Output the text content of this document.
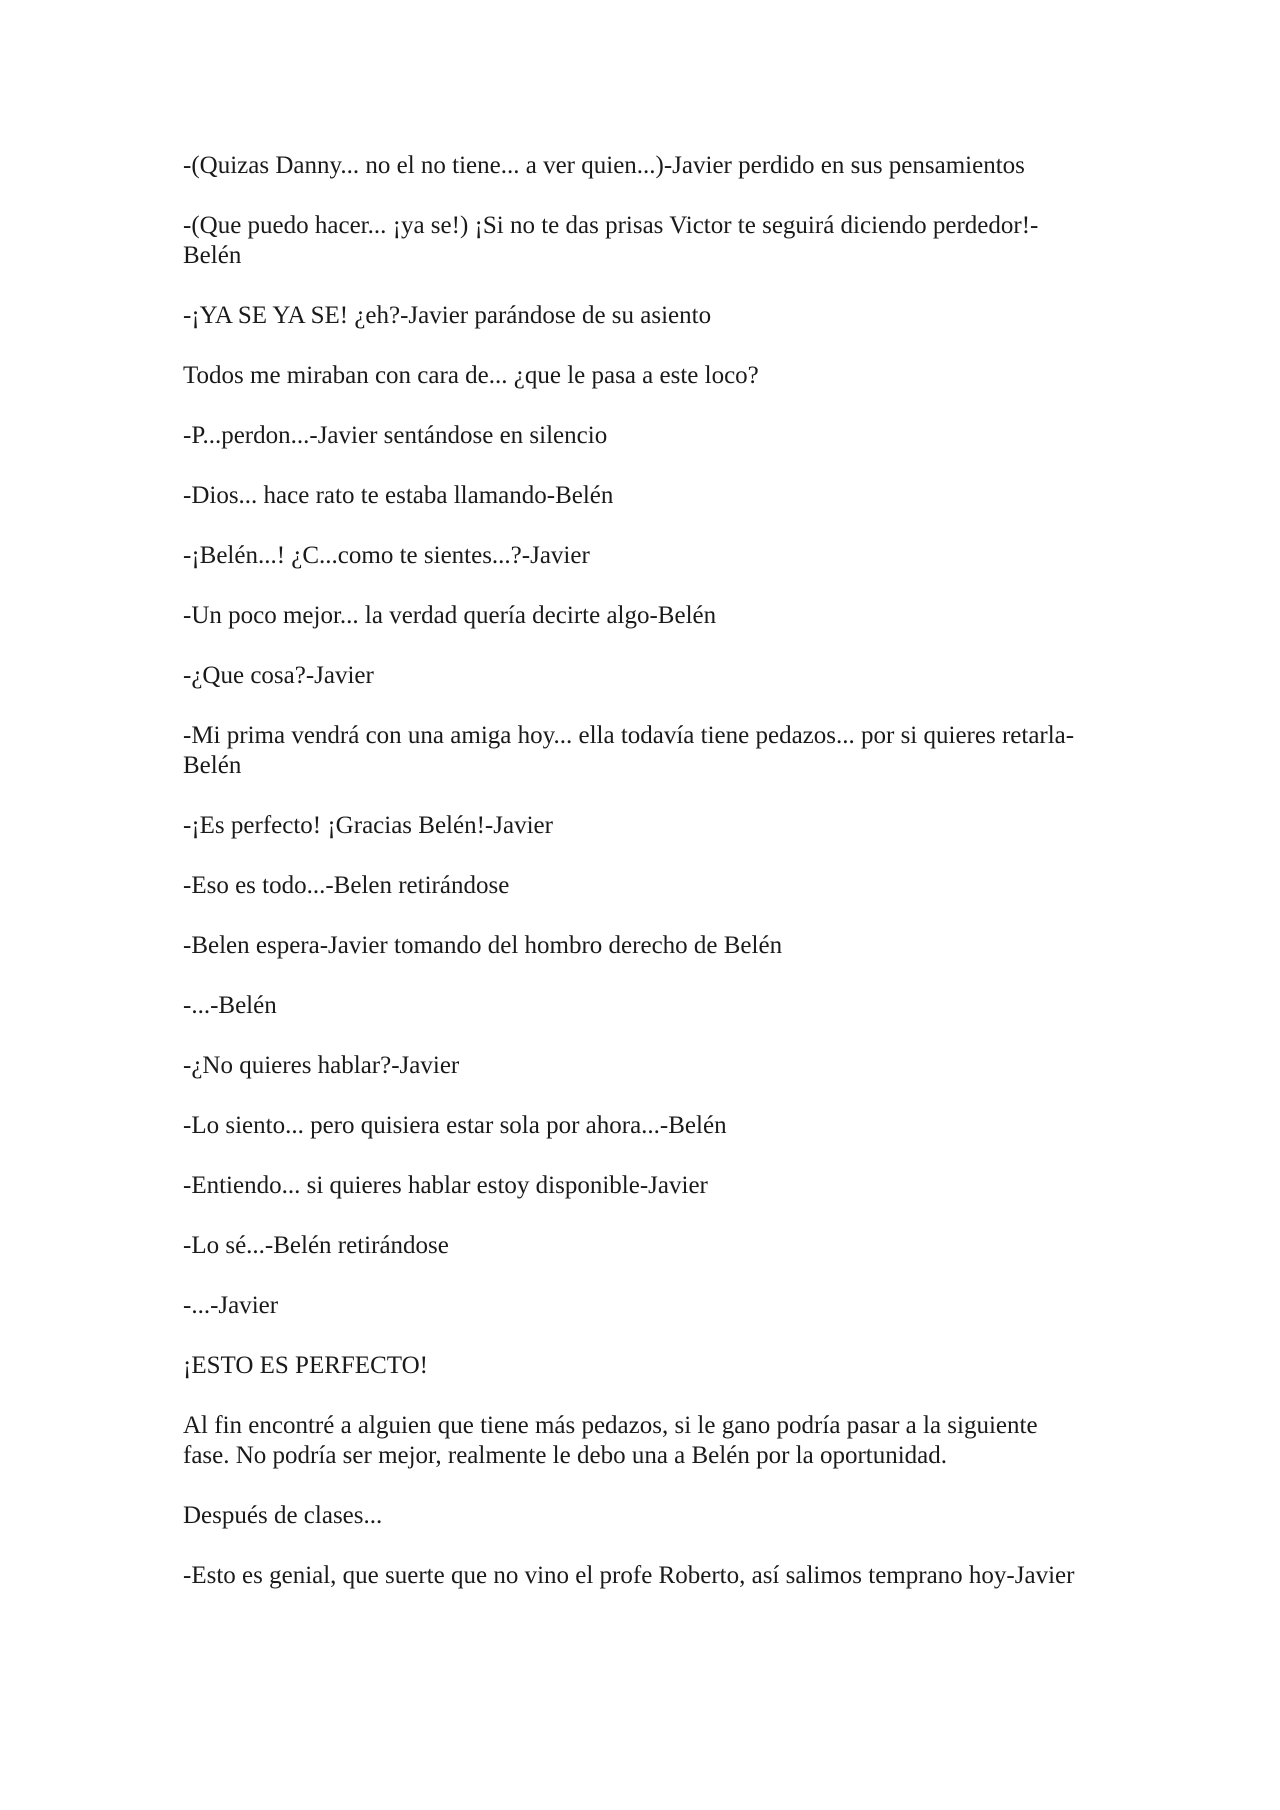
-(Quizas Danny... no el no tiene... a ver quien...)-Javier perdido en sus pensamientos

-(Que puedo hacer... ¡ya se!) ¡Si no te das prisas Victor te seguirá diciendo perdedor!-Belén

-¡YA SE YA SE! ¿eh?-Javier parándose de su asiento

Todos me miraban con cara de... ¿que le pasa a este loco?

-P...perdon...-Javier sentándose en silencio

-Dios... hace rato te estaba llamando-Belén

-¡Belén...! ¿C...como te sientes...?-Javier

-Un poco mejor... la verdad quería decirte algo-Belén

-¿Que cosa?-Javier

-Mi prima vendrá con una amiga hoy... ella todavía tiene pedazos... por si quieres retarla-Belén

-¡Es perfecto! ¡Gracias Belén!-Javier

-Eso es todo...-Belen retirándose

-Belen espera-Javier tomando del hombro derecho de Belén

-...-Belén

-¿No quieres hablar?-Javier

-Lo siento... pero quisiera estar sola por ahora...-Belén

-Entiendo... si quieres hablar estoy disponible-Javier

-Lo sé...-Belén retirándose

-...-Javier

¡ESTO ES PERFECTO!

Al fin encontré a alguien que tiene más pedazos, si le gano podría pasar a la siguiente fase. No podría ser mejor, realmente le debo una a Belén por la oportunidad.

Después de clases...

-Esto es genial, que suerte que no vino el profe Roberto, así salimos temprano hoy-Javier
